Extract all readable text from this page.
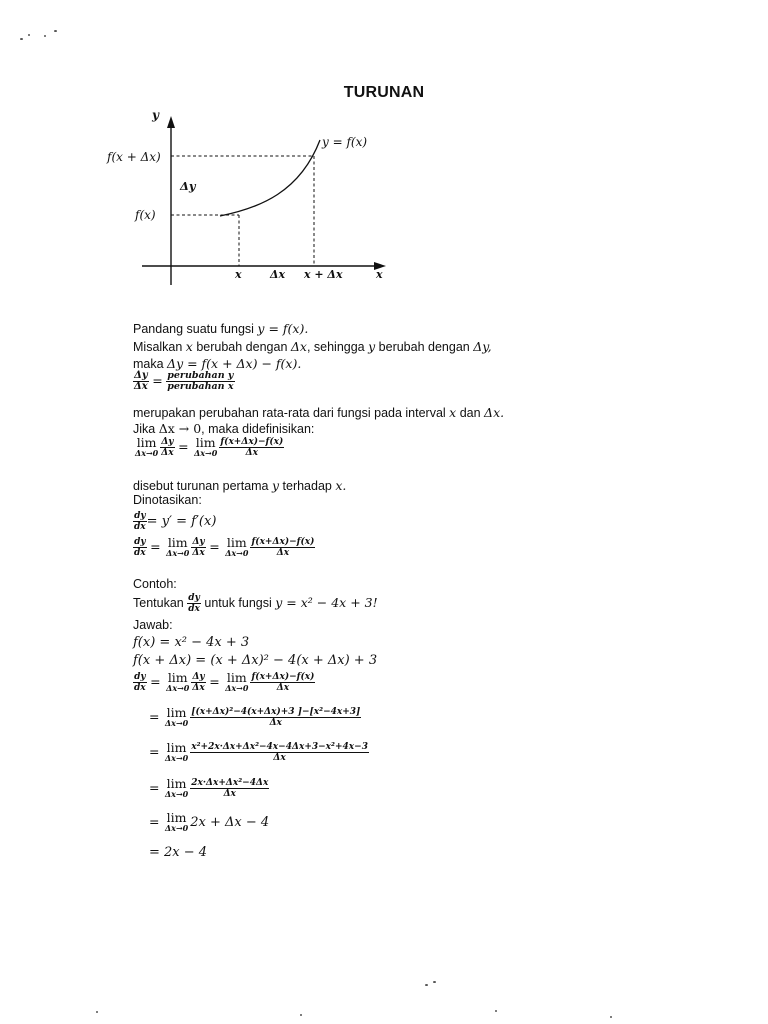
TURUNAN
y
f(x + Δx)
f(x)
Δy
y = f(x)
x	Δx x + Δx	x
Pandang suatu fungsi y = f(x).
Misalkan x berubah dengan Δx, sehingga y berubah dengan Δy,
maka Δy = f(x + Δx) − f(x).
$\frac{\Delta y}{\Delta x} = \frac{\text{perubahan y}}{\text{perubahan x}}$
merupakan perubahan rata-rata dari fungsi pada interval x dan Δx.
Jika Δx → 0, maka didefinisikan:
lim
$\Delta x\to 0 \frac{\Delta y}{\Delta x} = \lim$
$\Delta x\to 0 \frac{f(x+\Delta x)-f(x)}{\Delta x}$
disebut turunan pertama y terhadap x.
Dinotasikan:
$\frac{dy}{dx} = y' = f'(x)$
$\frac{dy}{dx} = \lim$
$\Delta x\to 0 \frac{\Delta y}{\Delta x} = \lim$
$\Delta x\to 0 \frac{f(x+\Delta x)-f(x)}{\Delta x}$
Contoh:
Tentukan $\frac{dy}{dx}$ untuk fungsi y = x² − 4x + 3!
Jawab:
f(x) = x² − 4x + 3
f(x + Δx) = (x + Δx)² − 4(x + Δx) + 3
$\frac{dy}{dx} = \lim$
$\Delta x\to 0 \frac{\Delta y}{\Delta x} = \lim$
$\Delta x\to 0 \frac{f(x+\Delta x)-f(x)}{\Delta x}$
= lim
$\Delta x\to 0 \frac{\text{[(x+Δx)²−4(x+Δx)+3 ]−[x²−4x+3]}}{\Delta x}$
= lim
$\Delta x\to 0 \frac{\text{x²+2x·Δx+Δx²−4x−4Δx+3−x²+4x−3}}{\Delta x}$
= lim
$\Delta x\to 0 \frac{\text{2x·Δx+Δx²−4Δx}}{\Delta x}$
= lim
Δx→0 2x + Δx − 4
= 2x − 4
